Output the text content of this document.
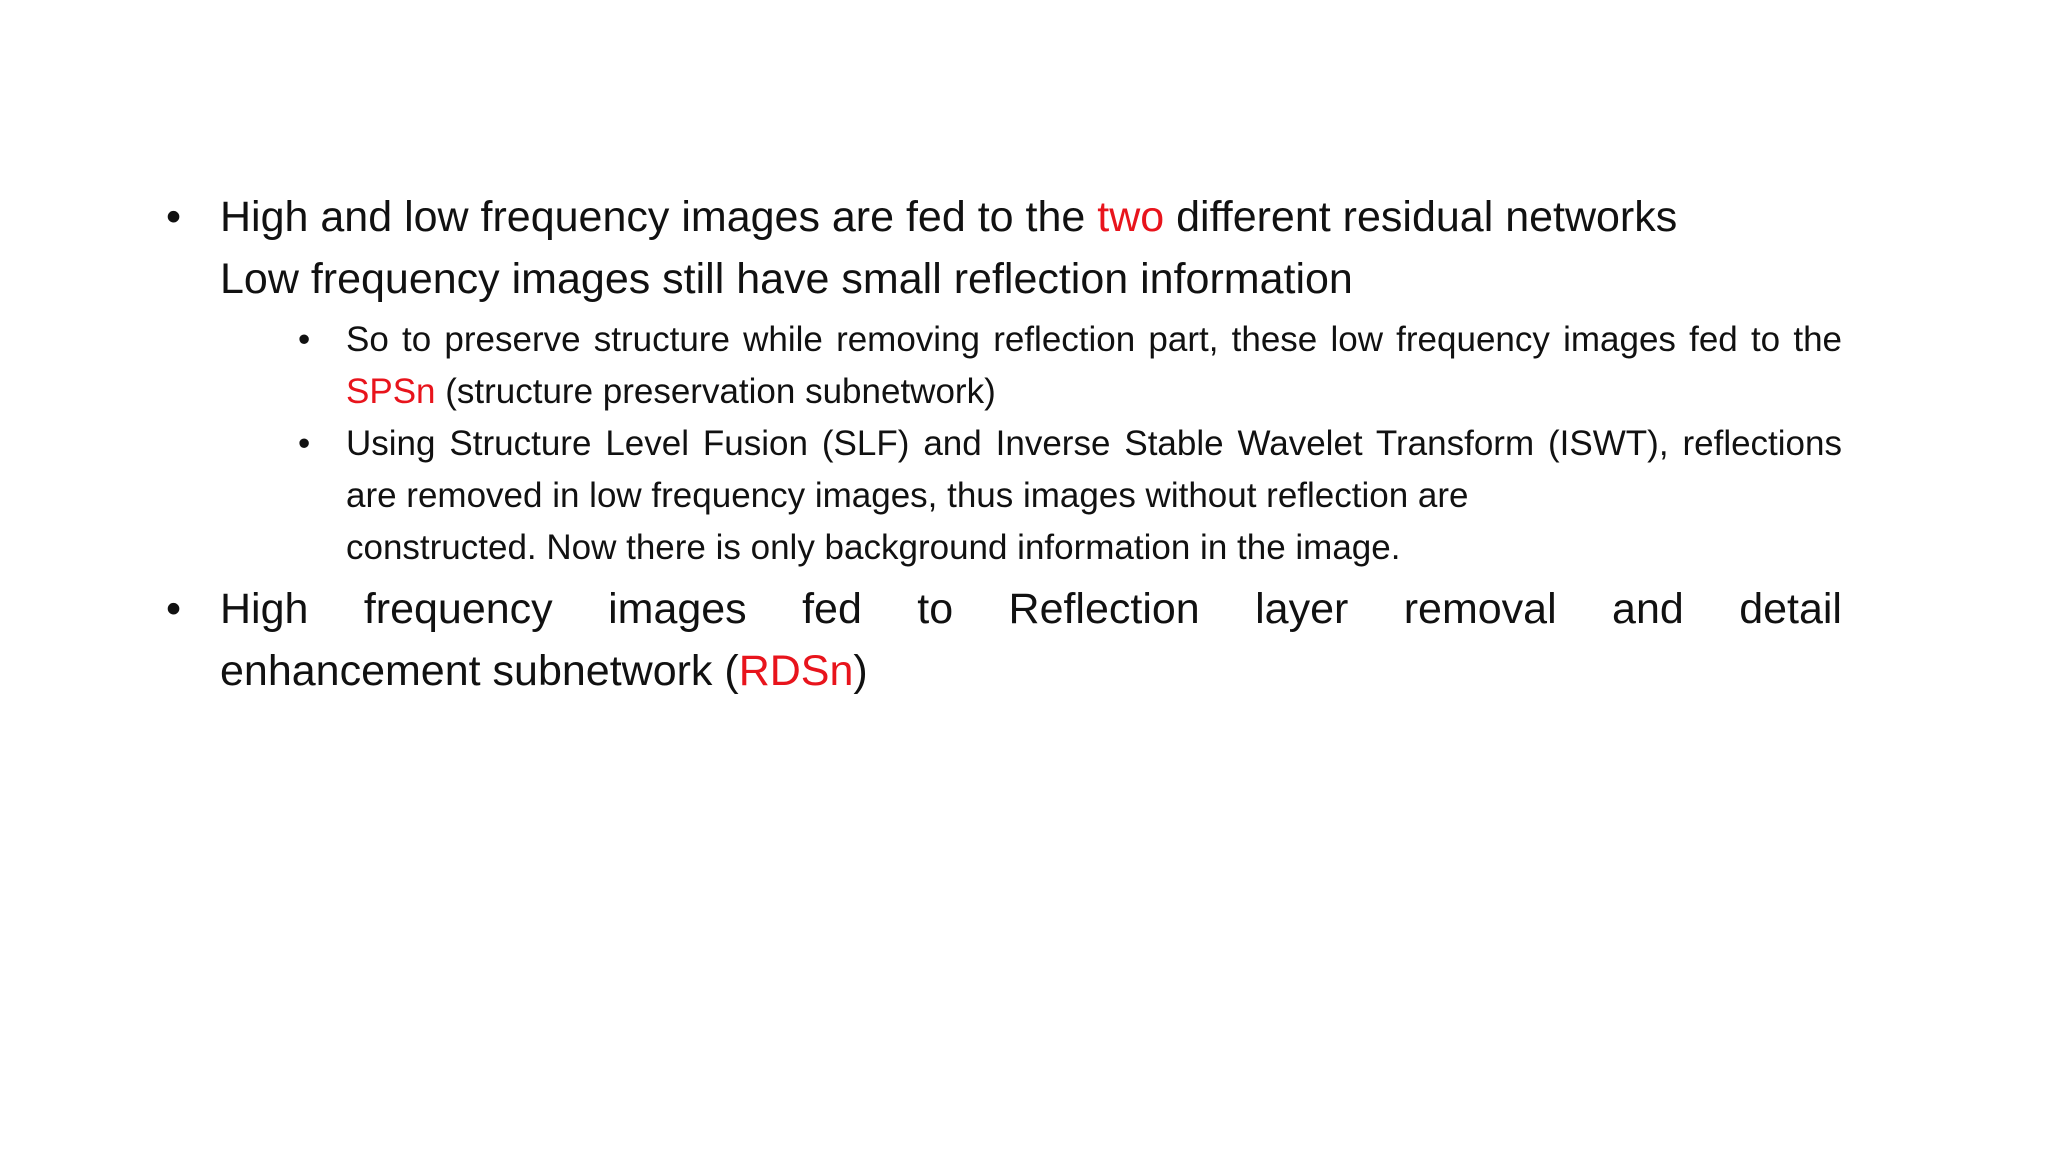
• High and low frequency images are fed to the two different residual networks
Low frequency images still have small reflection information
• So to preserve structure while removing reflection part, these low frequency images fed to the SPSn (structure preservation subnetwork)
• Using Structure Level Fusion (SLF) and Inverse Stable Wavelet Transform (ISWT), reflections are removed in low frequency images, thus images without reflection are
constructed. Now there is only background information in the image.
• High frequency images fed to Reflection layer removal and detail
enhancement subnetwork (RDSn)
